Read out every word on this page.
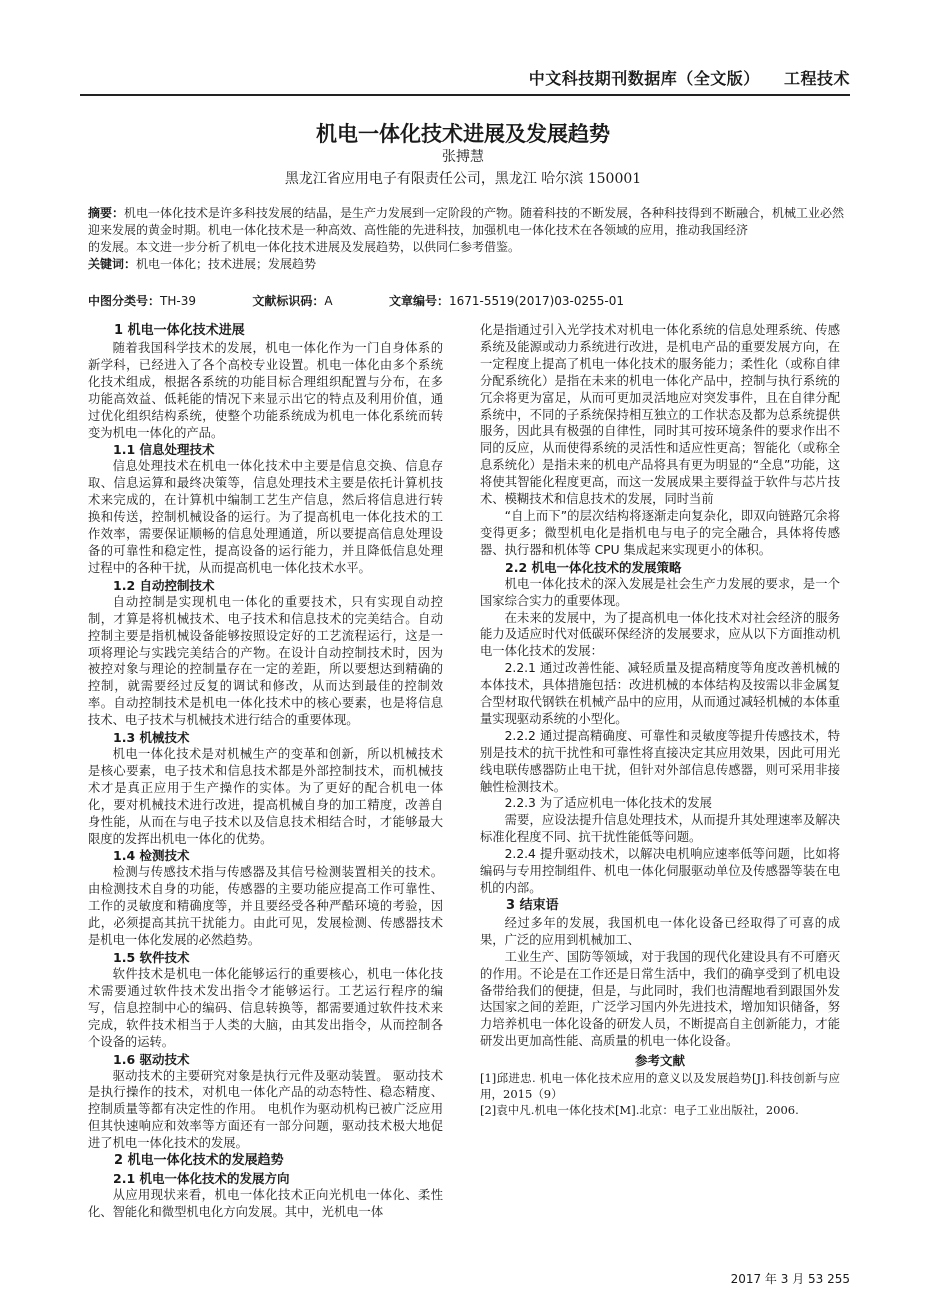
中文科技期刊数据库（全文版） 工程技术
机电一体化技术进展及发展趋势
张搏慧
黑龙江省应用电子有限责任公司，黑龙江 哈尔滨 150001
摘要：机电一体化技术是许多科技发展的结晶，是生产力发展到一定阶段的产物。随着科技的不断发展，各种科技得到不断融合，机械工业必然迎来发展的黄金时期。机电一体化技术是一种高效、高性能的先进科技，加强机电一体化技术在各领域的应用，推动我国经济
的发展。本文进一步分析了机电一体化技术进展及发展趋势，以供同仁参考借鉴。
关键词：机电一体化；技术进展；发展趋势
中图分类号：TH-39	文献标识码：A	文章编号：1671-5519(2017)03-0255-01
1 机电一体化技术进展

随着我国科学技术的发展，机电一体化作为一门自身体系的新学科，已经进入了各个高校专业设置。机电一体化由多个系统化技术组成，根据各系统的功能目标合理组织配置与分布，在多功能高效益、低耗能的情况下来显示出它的特点及利用价值，通过优化组织结构系统，使整个功能系统成为机电一体化系统而转变为机电一体化的产品。

1.1 信息处理技术

信息处理技术在机电一体化技术中主要是信息交换、信息存取、信息运算和最终决策等，信息处理技术主要是依托计算机技术来完成的，在计算机中编制工艺生产信息，然后将信息进行转换和传送，控制机械设备的运行。为了提高机电一体化技术的工作效率，需要保证顺畅的信息处理通道，所以要提高信息处理设备的可靠性和稳定性，提高设备的运行能力，并且降低信息处理过程中的各种干扰，从而提高机电一体化技术水平。

1.2 自动控制技术

自动控制是实现机电一体化的重要技术，只有实现自动控制，才算是将机械技术、电子技术和信息技术的完美结合。自动控制主要是指机械设备能够按照设定好的工艺流程运行，这是一项将理论与实践完美结合的产物。在设计自动控制技术时，因为被控对象与理论的控制量存在一定的差距，所以要想达到精确的控制，就需要经过反复的调试和修改，从而达到最佳的控制效率。自动控制技术是机电一体化技术中的核心要素，也是将信息技术、电子技术与机械技术进行结合的重要体现。

1.3 机械技术

机电一体化技术是对机械生产的变革和创新，所以机械技术是核心要素，电子技术和信息技术都是外部控制技术，而机械技术才是真正应用于生产操作的实体。为了更好的配合机电一体化，要对机械技术进行改进，提高机械自身的加工精度，改善自身性能，从而在与电子技术以及信息技术相结合时，才能够最大限度的发挥出机电一体化的优势。

1.4 检测技术

检测与传感技术指与传感器及其信号检测装置相关的技术。 由检测技术自身的功能，传感器的主要功能应提高工作可靠性、工作的灵敏度和精确度等，并且要经受各种严酷环境的考验，因此，必须提高其抗干扰能力。由此可见，发展检测、传感器技术是机电一体化发展的必然趋势。

1.5 软件技术

软件技术是机电一体化能够运行的重要核心，机电一体化技术需要通过软件技术发出指令才能够运行。工艺运行程序的编写，信息控制中心的编码、信息转换等，都需要通过软件技术来完成，软件技术相当于人类的大脑，由其发出指令，从而控制各个设备的运转。

1.6 驱动技术

驱动技术的主要研究对象是执行元件及驱动装置。 驱动技术是执行操作的技术，对机电一体化产品的动态特性、稳态精度、控制质量等都有决定性的作用。 电机作为驱动机构已被广泛应用但其快速响应和效率等方面还有一部分问题，驱动技术极大地促进了机电一体化技术的发展。

2 机电一体化技术的发展趋势
2.1 机电一体化技术的发展方向

从应用现状来看，机电一体化技术正向光机电一体化、柔性化、智能化和微型机电化方向发展。其中，光机电一体

化是指通过引入光学技术对机电一体化系统的信息处理系统、传感系统及能源或动力系统进行改进，是机电产品的重要发展方向，在一定程度上提高了机电一体化技术的服务能力；柔性化（或称自律分配系统化）是指在未来的机电一体化产品中，控制与执行系统的冗余将更为富足，从而可更加灵活地应对突发事件，且在自律分配系统中，不同的子系统保持相互独立的工作状态及都为总系统提供服务，因此具有极强的自律性，同时其可按环境条件的要求作出不同的反应，从而使得系统的灵活性和适应性更高；智能化（或称全息系统化）是指未来的机电产品将具有更为明显的“全息”功能，这将使其智能化程度更高，而这一发展成果主要得益于软件与芯片技术、模糊技术和信息技术的发展，同时当前

“自上而下”的层次结构将逐渐走向复杂化，即双向链路冗余将变得更多；微型机电化是指机电与电子的完全融合，具体将传感器、执行器和机体等 CPU 集成起来实现更小的体积。

2.2 机电一体化技术的发展策略

机电一体化技术的深入发展是社会生产力发展的要求，是一个国家综合实力的重要体现。

在未来的发展中，为了提高机电一体化技术对社会经济的服务能力及适应时代对低碳环保经济的发展要求，应从以下方面推动机电一体化技术的发展：

2.2.1 通过改善性能、减轻质量及提高精度等角度改善机械的本体技术，具体措施包括：改进机械的本体结构及按需以非金属复合型材取代钢铁在机械产品中的应用，从而通过减轻机械的本体重量实现驱动系统的小型化。

2.2.2 通过提高精确度、可靠性和灵敏度等提升传感技术，特别是技术的抗干扰性和可靠性将直接决定其应用效果，因此可用光线电联传感器防止电干扰，但针对外部信息传感器，则可采用非接触性检测技术。

2.2.3 为了适应机电一体化技术的发展

需要，应设法提升信息处理技术，从而提升其处理速率及解决标准化程度不同、抗干扰性能低等问题。

2.2.4 提升驱动技术，以解决电机响应速率低等问题，比如将编码与专用控制组件、机电一体化伺服驱动单位及传感器等装在电机的内部。

3 结束语

经过多年的发展，我国机电一体化设备已经取得了可喜的成果，广泛的应用到机械加工、

工业生产、国防等领域，对于我国的现代化建设具有不可磨灭的作用。不论是在工作还是日常生活中，我们的确享受到了机电设备带给我们的便捷，但是，与此同时，我们也清醒地看到跟国外发达国家之间的差距，广泛学习国内外先进技术，增加知识储备，努力培养机电一体化设备的研发人员，不断提高自主创新能力，才能研发出更加高性能、高质量的机电一体化设备。

参考文献

[1]邱进忠. 机电一体化技术应用的意义以及发展趋势[J].科技创新与应用，2015（9）

[2]袁中凡.机电一体化技术[M].北京：电子工业出版社，2006.

2017 年 3 月 53 255
